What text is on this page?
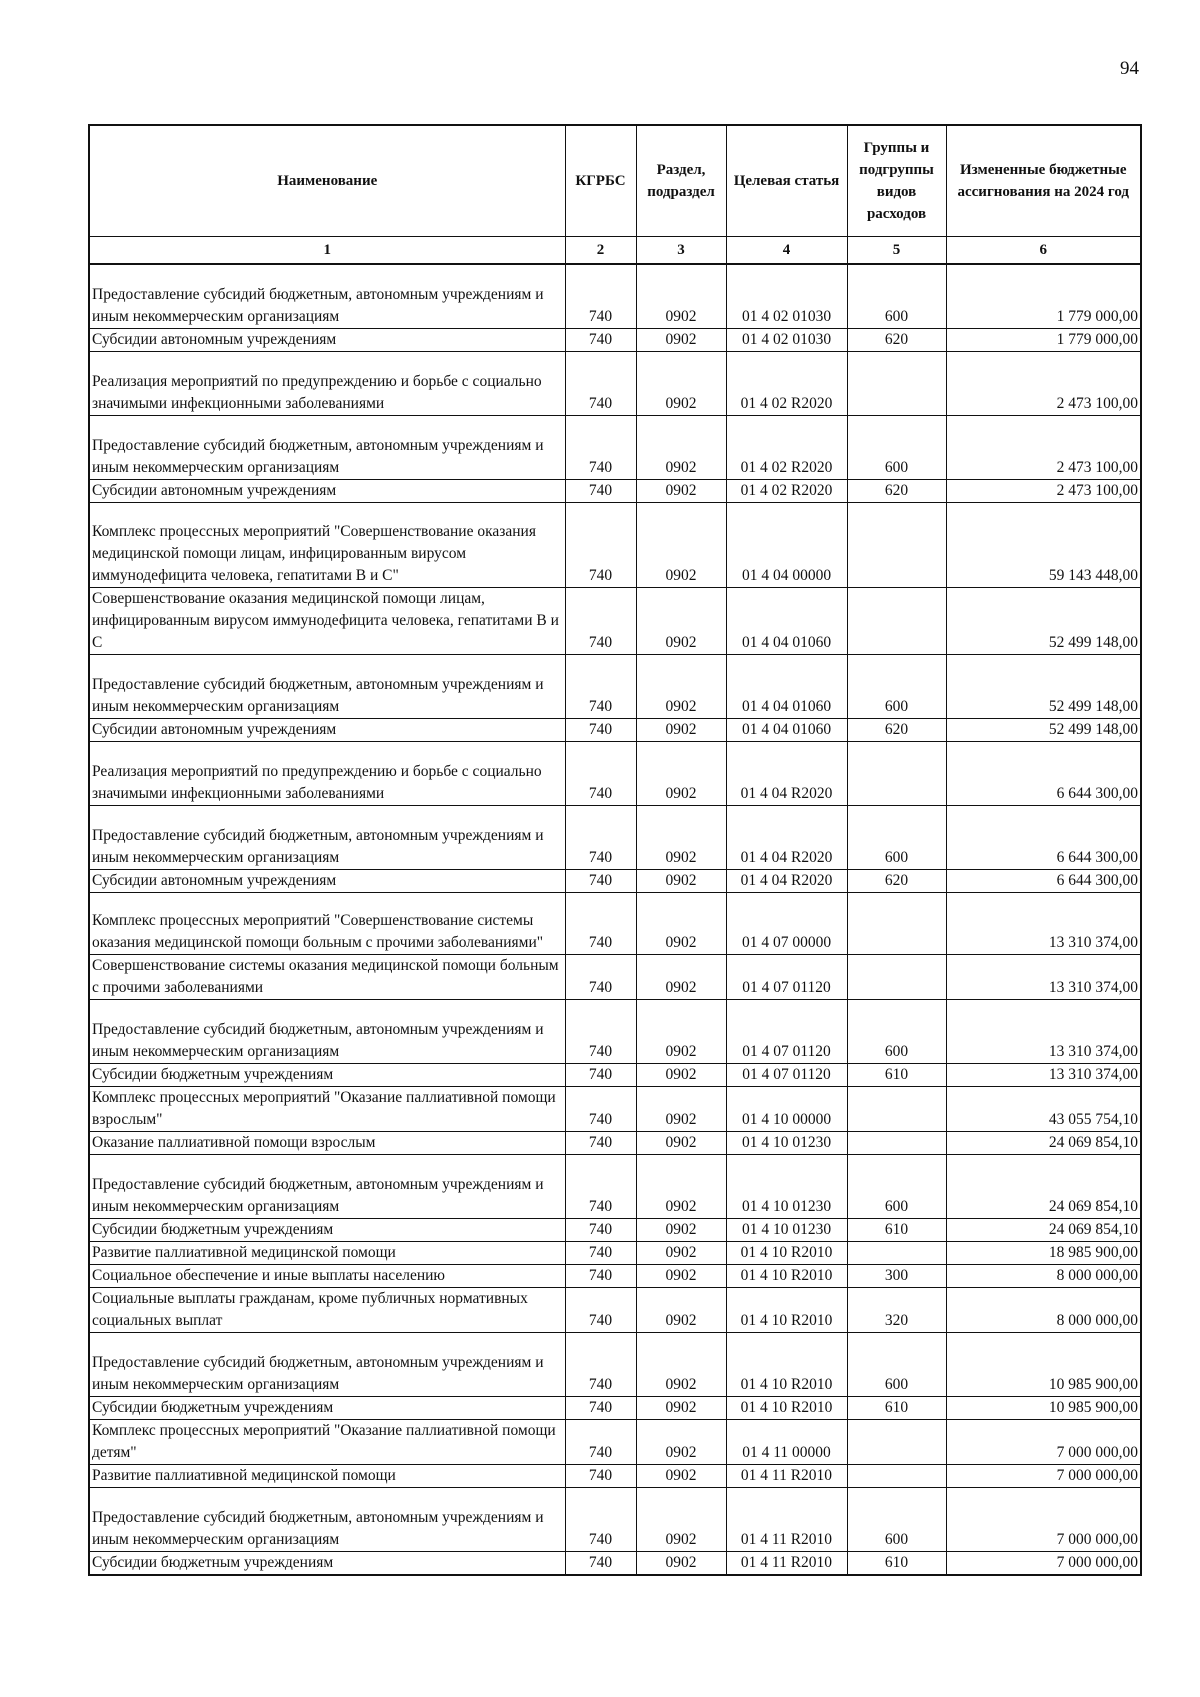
94
Наименование	КГРБС	Раздел, подраздел	Целевая статья	Группы и подгруппы видов расходов	Измененные бюджетные ассигнования на 2024 год
1	2	3	4	5	6
Предоставление субсидий бюджетным, автономным учреждениям и иным некоммерческим организациям	740	0902	01 4 02 01030	600	1 779 000,00
Субсидии автономным учреждениям	740	0902	01 4 02 01030	620	1 779 000,00
Реализация мероприятий по предупреждению и борьбе с социально значимыми инфекционными заболеваниями	740	0902	01 4 02 R2020		2 473 100,00
Предоставление субсидий бюджетным, автономным учреждениям и иным некоммерческим организациям	740	0902	01 4 02 R2020	600	2 473 100,00
Субсидии автономным учреждениям	740	0902	01 4 02 R2020	620	2 473 100,00
Комплекс процессных мероприятий "Совершенствование оказания медицинской помощи лицам, инфицированным вирусом иммунодефицита человека, гепатитами В и С"	740	0902	01 4 04 00000		59 143 448,00
Совершенствование оказания медицинской помощи лицам, инфицированным вирусом иммунодефицита человека, гепатитами В и С	740	0902	01 4 04 01060		52 499 148,00
Предоставление субсидий бюджетным, автономным учреждениям и иным некоммерческим организациям	740	0902	01 4 04 01060	600	52 499 148,00
Субсидии автономным учреждениям	740	0902	01 4 04 01060	620	52 499 148,00
Реализация мероприятий по предупреждению и борьбе с социально значимыми инфекционными заболеваниями	740	0902	01 4 04 R2020		6 644 300,00
Предоставление субсидий бюджетным, автономным учреждениям и иным некоммерческим организациям	740	0902	01 4 04 R2020	600	6 644 300,00
Субсидии автономным учреждениям	740	0902	01 4 04 R2020	620	6 644 300,00
Комплекс процессных мероприятий "Совершенствование системы оказания медицинской помощи больным с прочими заболеваниями"	740	0902	01 4 07 00000		13 310 374,00
Совершенствование системы оказания медицинской помощи больным с прочими заболеваниями	740	0902	01 4 07 01120		13 310 374,00
Предоставление субсидий бюджетным, автономным учреждениям и иным некоммерческим организациям	740	0902	01 4 07 01120	600	13 310 374,00
Субсидии бюджетным учреждениям	740	0902	01 4 07 01120	610	13 310 374,00
Комплекс процессных мероприятий "Оказание паллиативной помощи взрослым"	740	0902	01 4 10 00000		43 055 754,10
Оказание паллиативной помощи взрослым	740	0902	01 4 10 01230		24 069 854,10
Предоставление субсидий бюджетным, автономным учреждениям и иным некоммерческим организациям	740	0902	01 4 10 01230	600	24 069 854,10
Субсидии бюджетным учреждениям	740	0902	01 4 10 01230	610	24 069 854,10
Развитие паллиативной медицинской помощи	740	0902	01 4 10 R2010		18 985 900,00
Социальное обеспечение и иные выплаты населению	740	0902	01 4 10 R2010	300	8 000 000,00
Социальные выплаты гражданам, кроме публичных нормативных социальных выплат	740	0902	01 4 10 R2010	320	8 000 000,00
Предоставление субсидий бюджетным, автономным учреждениям и иным некоммерческим организациям	740	0902	01 4 10 R2010	600	10 985 900,00
Субсидии бюджетным учреждениям	740	0902	01 4 10 R2010	610	10 985 900,00
Комплекс процессных мероприятий "Оказание паллиативной помощи детям"	740	0902	01 4 11 00000		7 000 000,00
Развитие паллиативной медицинской помощи	740	0902	01 4 11 R2010		7 000 000,00
Предоставление субсидий бюджетным, автономным учреждениям и иным некоммерческим организациям	740	0902	01 4 11 R2010	600	7 000 000,00
Субсидии бюджетным учреждениям	740	0902	01 4 11 R2010	610	7 000 000,00
